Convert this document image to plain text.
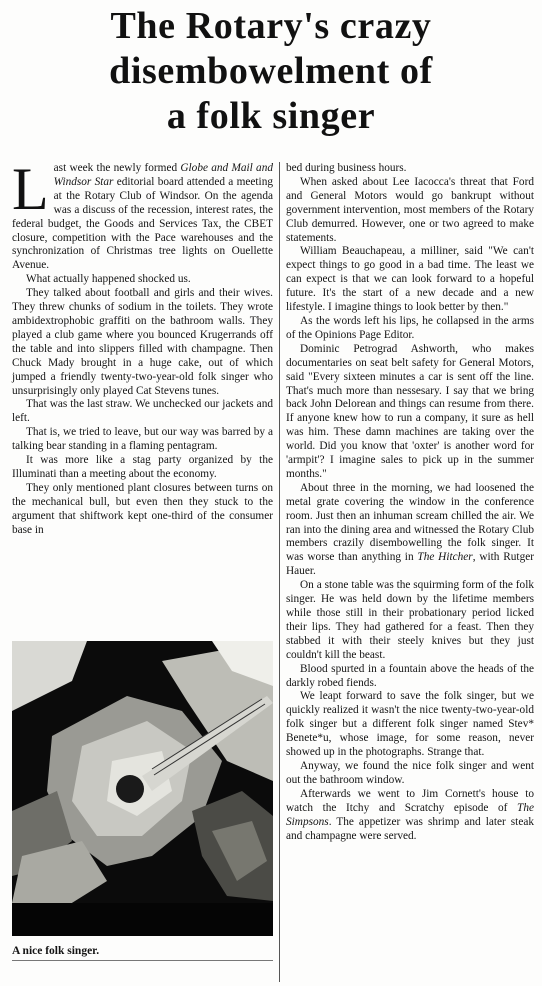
The Rotary's crazy
disembowelment of
a folk singer

Last week the newly formed Globe and Mail and Windsor Star editorial board attended a meeting at the Rotary Club of Windsor. On the agenda was a discuss of the recession, interest rates, the federal budget, the Goods and Services Tax, the CBET closure, competition with the Pace warehouses and the synchronization of Christmas tree lights on Ouellette Avenue.

What actually happened shocked us.

They talked about football and girls and their wives. They threw chunks of sodium in the toilets. They wrote ambidextrophobic graffiti on the bathroom walls. They played a club game where you bounced Krugerrands off the table and into slippers filled with champagne. Then Chuck Mady brought in a huge cake, out of which jumped a friendly twenty-two-year-old folk singer who unsurprisingly only played Cat Stevens tunes.

That was the last straw. We unchecked our jackets and left.

That is, we tried to leave, but our way was barred by a talking bear standing in a flaming pentagram.

It was more like a stag party organized by the Illuminati than a meeting about the economy.

They only mentioned plant closures between turns on the mechanical bull, but even then they stuck to the argument that shiftwork kept one-third of the consumer base in

A nice folk singer.

bed during business hours.

When asked about Lee Iacocca's threat that Ford and General Motors would go bankrupt without government intervention, most members of the Rotary Club demurred. However, one or two agreed to make statements.

William Beauchapeau, a milliner, said "We can't expect things to go good in a bad time. The least we can expect is that we can look forward to a hopeful future. It's the start of a new decade and a new lifestyle. I imagine things to look better by then."

As the words left his lips, he collapsed in the arms of the Opinions Page Editor.

Dominic Petrograd Ashworth, who makes documentaries on seat belt safety for General Motors, said "Every sixteen minutes a car is sent off the line. That's much more than nessesary. I say that we bring back John Delorean and things can resume from there. If anyone knew how to run a company, it sure as hell was him. These damn machines are taking over the world. Did you know that 'oxter' is another word for 'armpit'? I imagine sales to pick up in the summer months."

About three in the morning, we had loosened the metal grate covering the window in the conference room. Just then an inhuman scream chilled the air. We ran into the dining area and witnessed the Rotary Club members crazily disembowelling the folk singer. It was worse than anything in The Hitcher, with Rutger Hauer.

On a stone table was the squirming form of the folk singer. He was held down by the lifetime members while those still in their probationary period licked their lips. They had gathered for a feast. Then they stabbed it with their steely knives but they just couldn't kill the beast.

Blood spurted in a fountain above the heads of the darkly robed fiends.

We leapt forward to save the folk singer, but we quickly realized it wasn't the nice twenty-two-year-old folk singer but a different folk singer named Stev* Benete*u, whose image, for some reason, never showed up in the photographs. Strange that.

Anyway, we found the nice folk singer and went out the bathroom window.

Afterwards we went to Jim Cornett's house to watch the Itchy and Scratchy episode of The Simpsons. The appetizer was shrimp and later steak and champagne were served.
